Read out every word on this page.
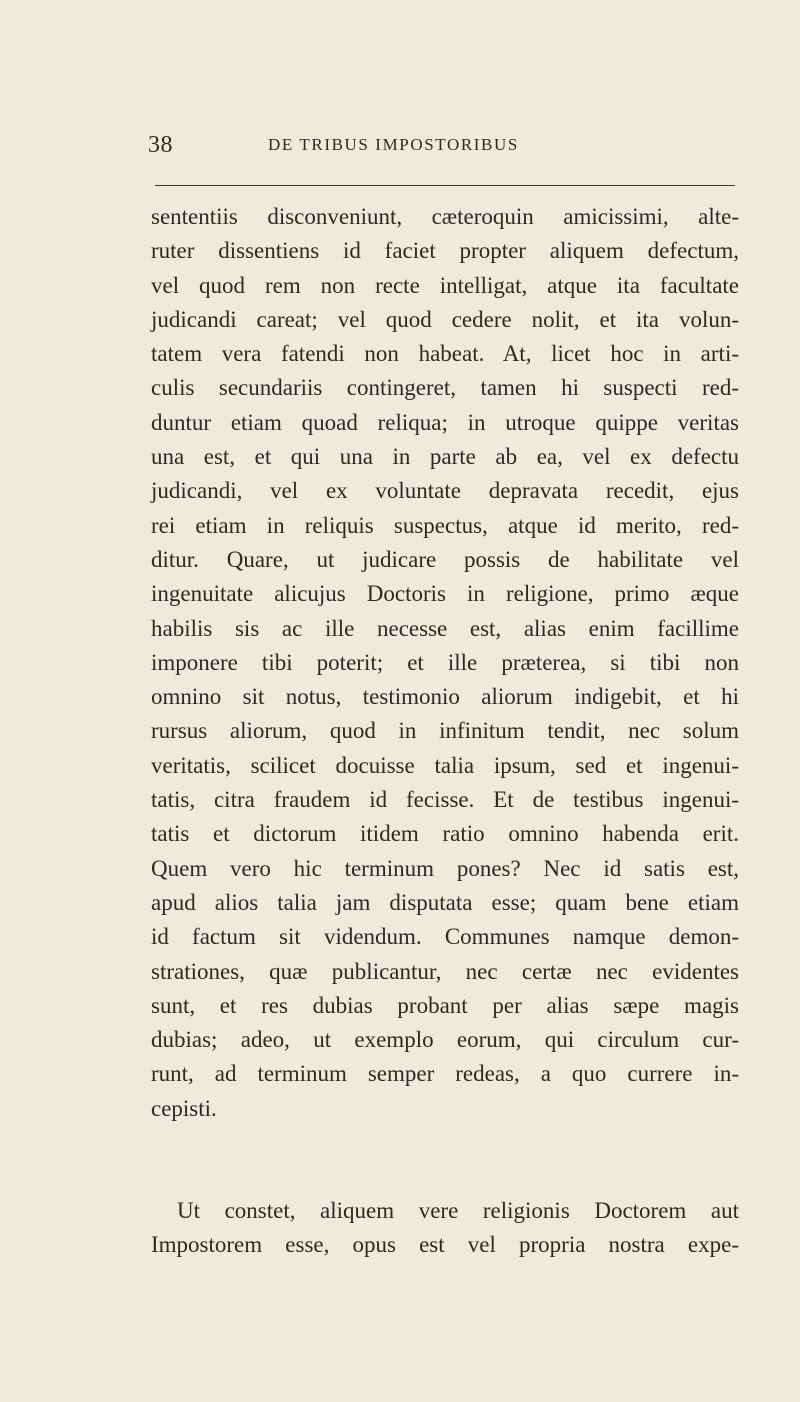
38	DE TRIBUS IMPOSTORIBUS
sententiis disconveniunt, cæteroquin amicissimi, alte-
ruter dissentiens id faciet propter aliquem defectum,
vel quod rem non recte intelligat, atque ita facultate
judicandi careat; vel quod cedere nolit, et ita volun-
tatem vera fatendi non habeat. At, licet hoc in arti-
culis secundariis contingeret, tamen hi suspecti red-
duntur etiam quoad reliqua; in utroque quippe veritas
una est, et qui una in parte ab ea, vel ex defectu
judicandi, vel ex voluntate depravata recedit, ejus
rei etiam in reliquis suspectus, atque id merito, red-
ditur. Quare, ut judicare possis de habilitate vel
ingenuitate alicujus Doctoris in religione, primo æque
habilis sis ac ille necesse est, alias enim facillime
imponere tibi poterit; et ille præterea, si tibi non
omnino sit notus, testimonio aliorum indigebit, et hi
rursus aliorum, quod in infinitum tendit, nec solum
veritatis, scilicet docuisse talia ipsum, sed et ingenui-
tatis, citra fraudem id fecisse. Et de testibus ingenui-
tatis et dictorum itidem ratio omnino habenda erit.
Quem vero hic terminum pones? Nec id satis est,
apud alios talia jam disputata esse; quam bene etiam
id factum sit videndum. Communes namque demon-
strationes, quæ publicantur, nec certæ nec evidentes
sunt, et res dubias probant per alias sæpe magis
dubias; adeo, ut exemplo eorum, qui circulum cur-
runt, ad terminum semper redeas, a quo currere in-
cepisti.
Ut constet, aliquem vere religionis Doctorem aut
Impostorem esse, opus est vel propria nostra expe-
